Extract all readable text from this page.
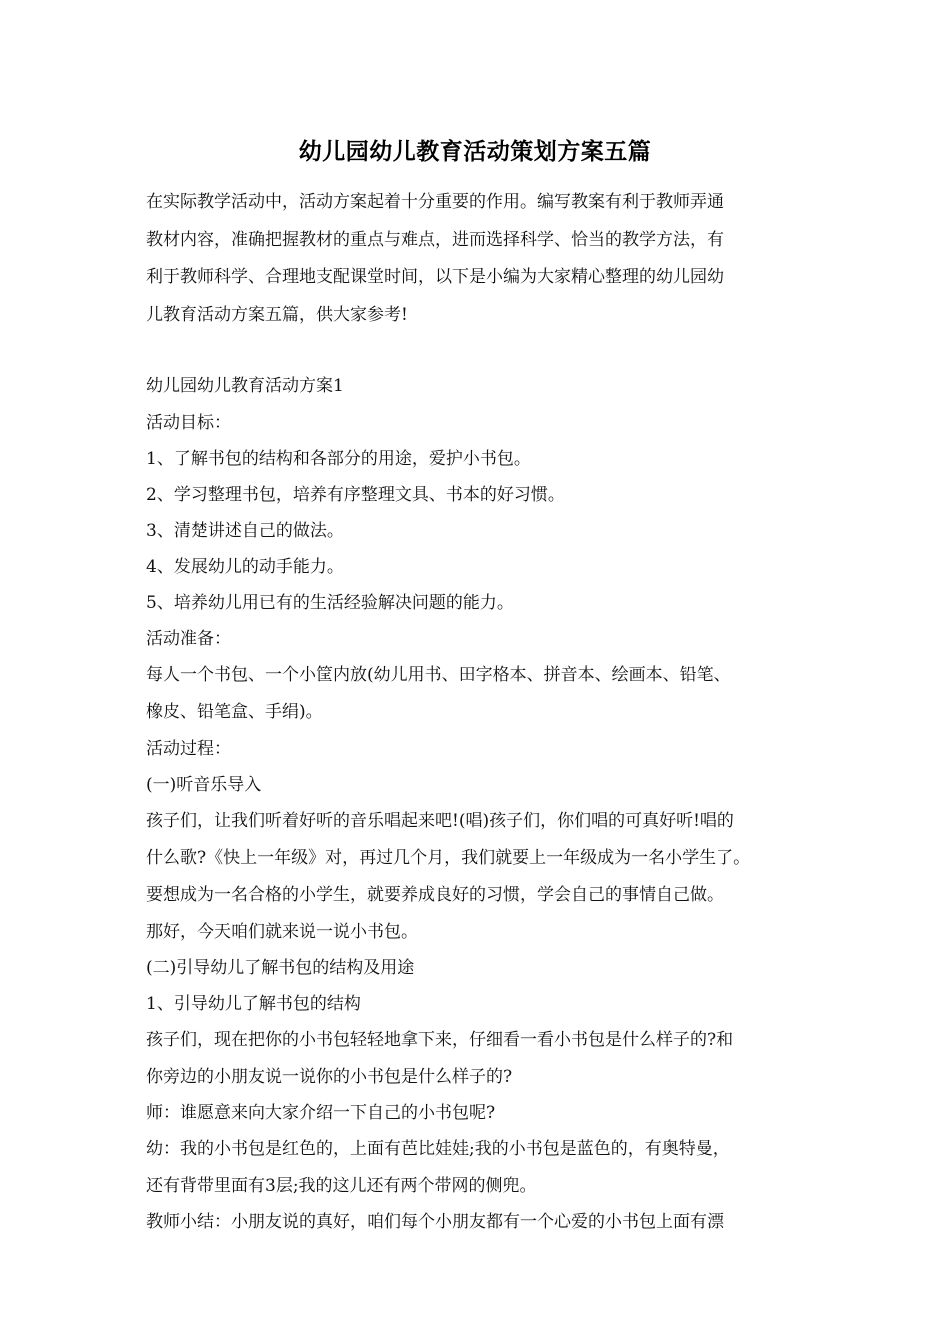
幼儿园幼儿教育活动策划方案五篇

在实际教学活动中，活动方案起着十分重要的作用。编写教案有利于教师弄通

教材内容，准确把握教材的重点与难点，进而选择科学、恰当的教学方法，有

利于教师科学、合理地支配课堂时间，以下是小编为大家精心整理的幼儿园幼

儿教育活动方案五篇，供大家参考!

幼儿园幼儿教育活动方案1

活动目标：

1、了解书包的结构和各部分的用途，爱护小书包。

2、学习整理书包，培养有序整理文具、书本的好习惯。

3、清楚讲述自己的做法。

4、发展幼儿的动手能力。

5、培养幼儿用已有的生活经验解决问题的能力。

活动准备：

每人一个书包、一个小筐内放(幼儿用书、田字格本、拼音本、绘画本、铅笔、

橡皮、铅笔盒、手绢)。

活动过程：

(一)听音乐导入

孩子们，让我们听着好听的音乐唱起来吧!(唱)孩子们，你们唱的可真好听!唱的

什么歌?《快上一年级》对，再过几个月，我们就要上一年级成为一名小学生了。

要想成为一名合格的小学生，就要养成良好的习惯，学会自己的事情自己做。

那好，今天咱们就来说一说小书包。

(二)引导幼儿了解书包的结构及用途

1、引导幼儿了解书包的结构

孩子们，现在把你的小书包轻轻地拿下来，仔细看一看小书包是什么样子的?和

你旁边的小朋友说一说你的小书包是什么样子的?

师：谁愿意来向大家介绍一下自己的小书包呢?

幼：我的小书包是红色的，上面有芭比娃娃;我的小书包是蓝色的，有奥特曼，

还有背带里面有3层;我的这儿还有两个带网的侧兜。

教师小结：小朋友说的真好，咱们每个小朋友都有一个心爱的小书包上面有漂
